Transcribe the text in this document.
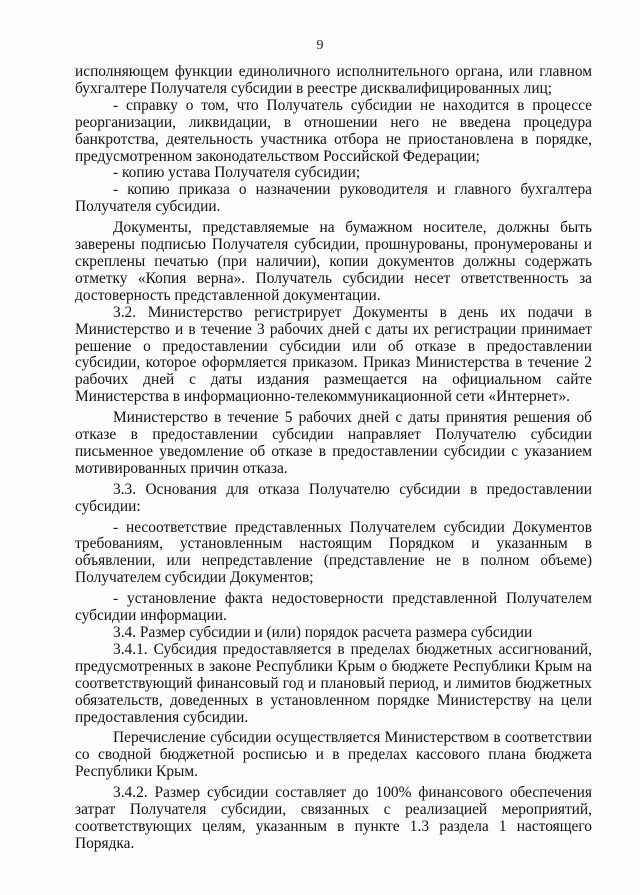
9

исполняющем функции единоличного исполнительного органа, или главном бухгалтере Получателя субсидии в реестре дисквалифицированных лиц;

- справку о том, что Получатель субсидии не находится в процессе реорганизации, ликвидации, в отношении него не введена процедура банкротства, деятельность участника отбора не приостановлена в порядке, предусмотренном законодательством Российской Федерации;

- копию устава Получателя субсидии;

- копию приказа о назначении руководителя и главного бухгалтера Получателя субсидии.

Документы, представляемые на бумажном носителе, должны быть заверены подписью Получателя субсидии, прошнурованы, пронумерованы и скреплены печатью (при наличии), копии документов должны содержать отметку «Копия верна». Получатель субсидии несет ответственность за достоверность представленной документации.

3.2. Министерство регистрирует Документы в день их подачи в Министерство и в течение 3 рабочих дней с даты их регистрации принимает решение о предоставлении субсидии или об отказе в предоставлении субсидии, которое оформляется приказом. Приказ Министерства в течение 2 рабочих дней с даты издания размещается на официальном сайте Министерства в информационно-телекоммуникационной сети «Интернет».

Министерство в течение 5 рабочих дней с даты принятия решения об отказе в предоставлении субсидии направляет Получателю субсидии письменное уведомление об отказе в предоставлении субсидии с указанием мотивированных причин отказа.

3.3. Основания для отказа Получателю субсидии в предоставлении субсидии:

- несоответствие представленных Получателем субсидии Документов требованиям, установленным настоящим Порядком и указанным в объявлении, или непредставление (представление не в полном объеме) Получателем субсидии Документов;

- установление факта недостоверности представленной Получателем субсидии информации.

3.4. Размер субсидии и (или) порядок расчета размера субсидии

3.4.1. Субсидия предоставляется в пределах бюджетных ассигнований, предусмотренных в законе Республики Крым о бюджете Республики Крым на соответствующий финансовый год и плановый период, и лимитов бюджетных обязательств, доведенных в установленном порядке Министерству на цели предоставления субсидии.

Перечисление субсидии осуществляется Министерством в соответствии со сводной бюджетной росписью и в пределах кассового плана бюджета Республики Крым.

3.4.2. Размер субсидии составляет до 100% финансового обеспечения затрат Получателя субсидии, связанных с реализацией мероприятий, соответствующих целям, указанным в пункте 1.3 раздела 1 настоящего Порядка.
